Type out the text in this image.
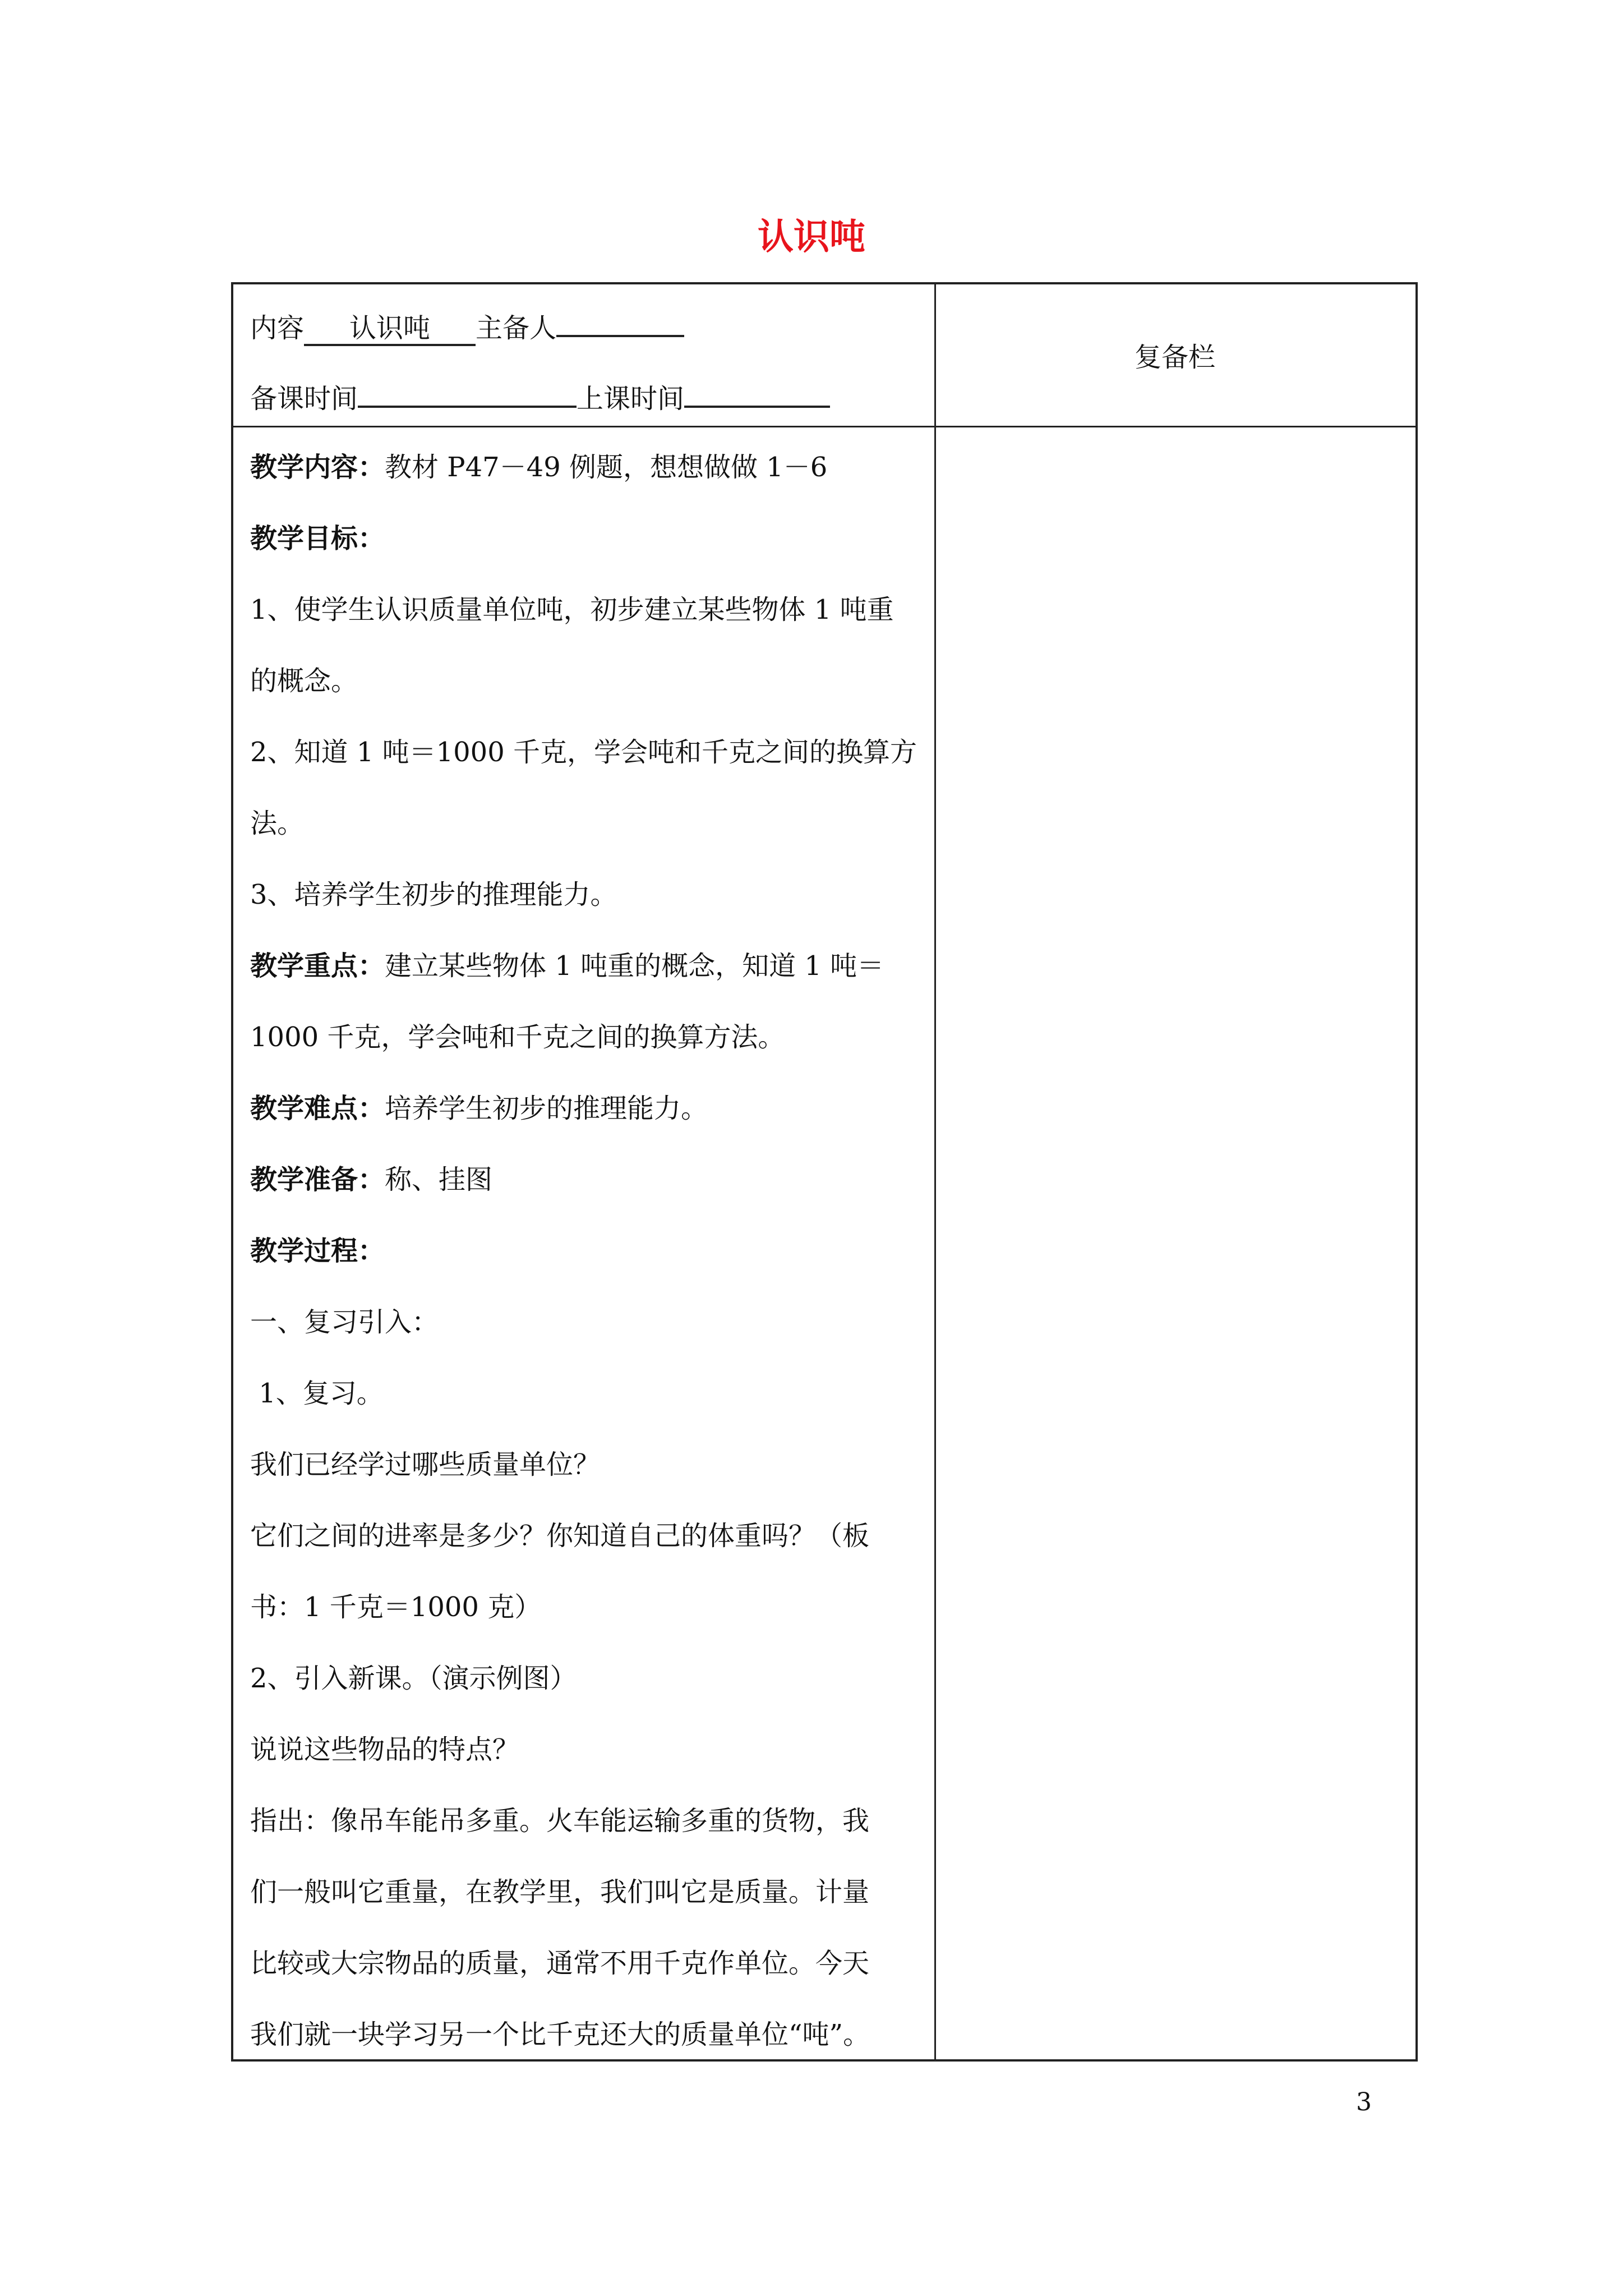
认识吨
内容 认识吨 主备人
备课时间	上课时间
复备栏
教学内容：教材 P47－49 例题，想想做做 1－6
教学目标：
1、使学生认识质量单位吨，初步建立某些物体 1 吨重
的概念。
2、知道 1 吨＝1000 千克，学会吨和千克之间的换算方
法。
3、培养学生初步的推理能力。
教学重点：建立某些物体 1 吨重的概念，知道 1 吨＝
1000 千克，学会吨和千克之间的换算方法。
教学难点：培养学生初步的推理能力。
教学准备：称、挂图
教学过程：
一、复习引入：
1、复习。
我们已经学过哪些质量单位？
它们之间的进率是多少？你知道自己的体重吗？（板
书：1 千克＝1000 克）
2、引入新课。（演示例图）
说说这些物品的特点？
指出：像吊车能吊多重。火车能运输多重的货物，我
们一般叫它重量，在教学里，我们叫它是质量。计量
比较或大宗物品的质量，通常不用千克作单位。今天
我们就一块学习另一个比千克还大的质量单位“吨”。
3
